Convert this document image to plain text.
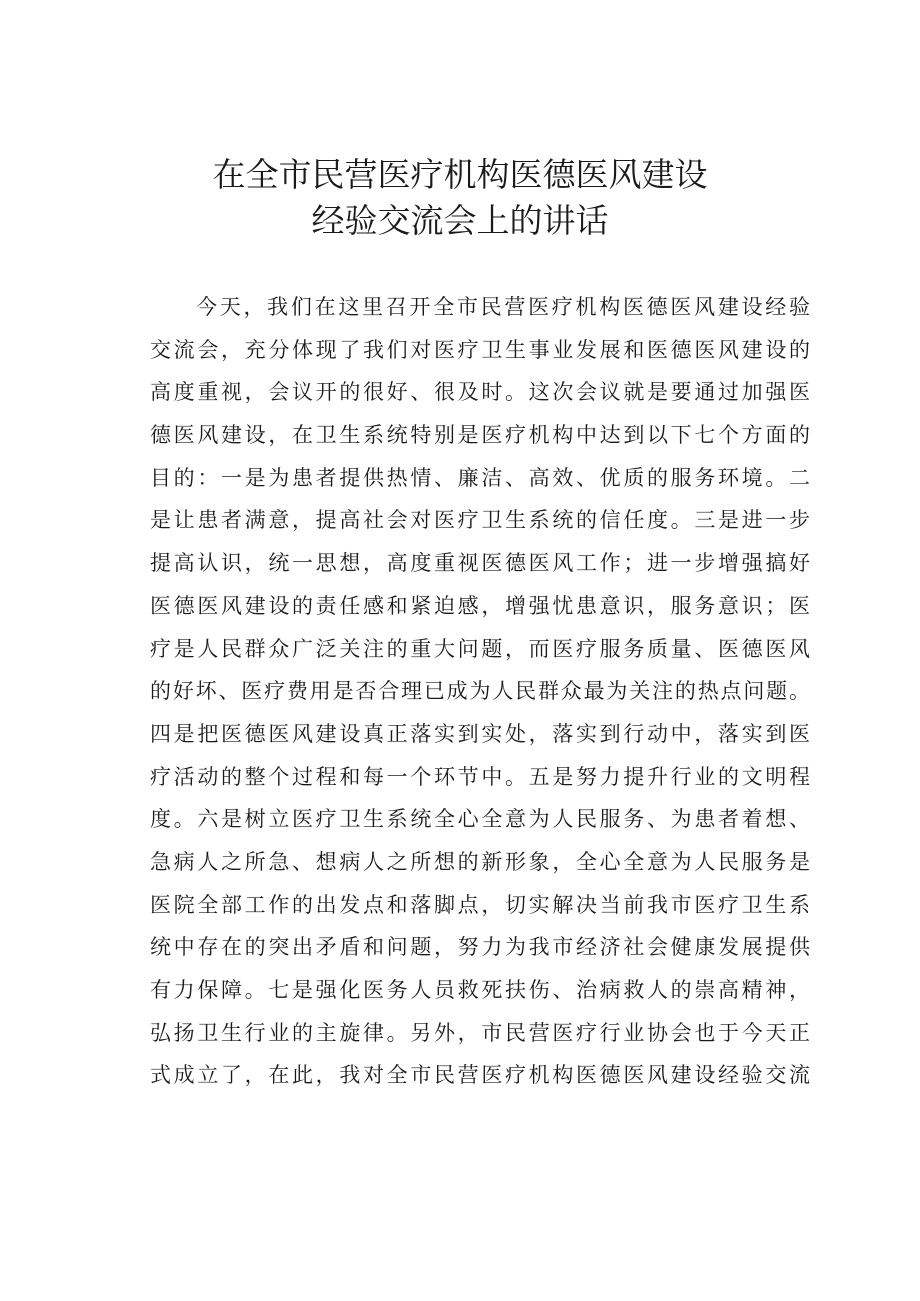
在全市民营医疗机构医德医风建设
经验交流会上的讲话
今天，我们在这里召开全市民营医疗机构医德医风建设经验
交流会，充分体现了我们对医疗卫生事业发展和医德医风建设的
高度重视，会议开的很好、很及时。这次会议就是要通过加强医
德医风建设，在卫生系统特别是医疗机构中达到以下七个方面的
目的：一是为患者提供热情、廉洁、高效、优质的服务环境。二
是让患者满意，提高社会对医疗卫生系统的信任度。三是进一步
提高认识，统一思想，高度重视医德医风工作；进一步增强搞好
医德医风建设的责任感和紧迫感，增强忧患意识，服务意识；医
疗是人民群众广泛关注的重大问题，而医疗服务质量、医德医风
的好坏、医疗费用是否合理已成为人民群众最为关注的热点问题。
四是把医德医风建设真正落实到实处，落实到行动中，落实到医
疗活动的整个过程和每一个环节中。五是努力提升行业的文明程
度。六是树立医疗卫生系统全心全意为人民服务、为患者着想、
急病人之所急、想病人之所想的新形象，全心全意为人民服务是
医院全部工作的出发点和落脚点，切实解决当前我市医疗卫生系
统中存在的突出矛盾和问题，努力为我市经济社会健康发展提供
有力保障。七是强化医务人员救死扶伤、治病救人的崇高精神，
弘扬卫生行业的主旋律。另外，市民营医疗行业协会也于今天正
式成立了，在此，我对全市民营医疗机构医德医风建设经验交流
